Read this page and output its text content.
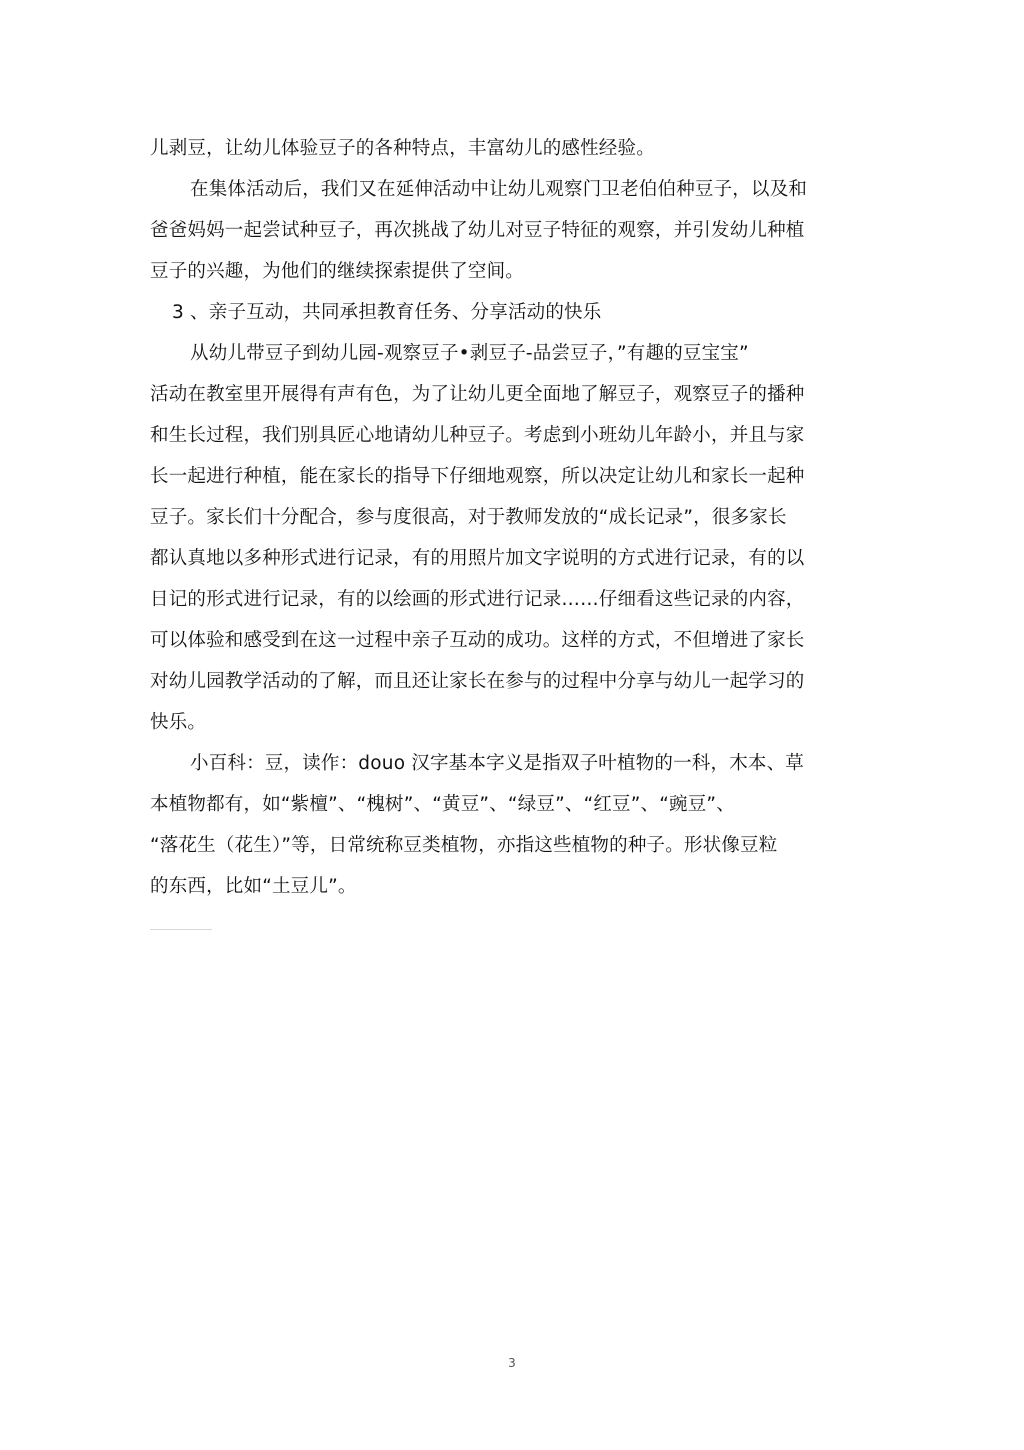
儿剥豆，让幼儿体验豆子的各种特点，丰富幼儿的感性经验。
在集体活动后，我们又在延伸活动中让幼儿观察门卫老伯伯种豆子，以及和
爸爸妈妈一起尝试种豆子，再次挑战了幼儿对豆子特征的观察，并引发幼儿种植
豆子的兴趣，为他们的继续探索提供了空间。
3 、亲子互动，共同承担教育任务、分享活动的快乐
从幼儿带豆子到幼儿园-观察豆子•剥豆子-品尝豆子，”有趣的豆宝宝”
活动在教室里开展得有声有色，为了让幼儿更全面地了解豆子，观察豆子的播种
和生长过程，我们别具匠心地请幼儿种豆子。考虑到小班幼儿年龄小，并且与家
长一起进行种植，能在家长的指导下仔细地观察，所以决定让幼儿和家长一起种
豆子。家长们十分配合，参与度很高，对于教师发放的“成长记录”，很多家长
都认真地以多种形式进行记录，有的用照片加文字说明的方式进行记录，有的以
日记的形式进行记录，有的以绘画的形式进行记录……仔细看这些记录的内容，
可以体验和感受到在这一过程中亲子互动的成功。这样的方式，不但增进了家长
对幼儿园教学活动的了解，而且还让家长在参与的过程中分享与幼儿一起学习的
快乐。
小百科：豆，读作：douo 汉字基本字义是指双子叶植物的一科，木本、草
本植物都有，如“紫檀”、“槐树”、“黄豆”、“绿豆”、“红豆”、“豌豆”、
“落花生（花生）”等，日常统称豆类植物，亦指这些植物的种子。形状像豆粒
的东西，比如“土豆儿”。
3
